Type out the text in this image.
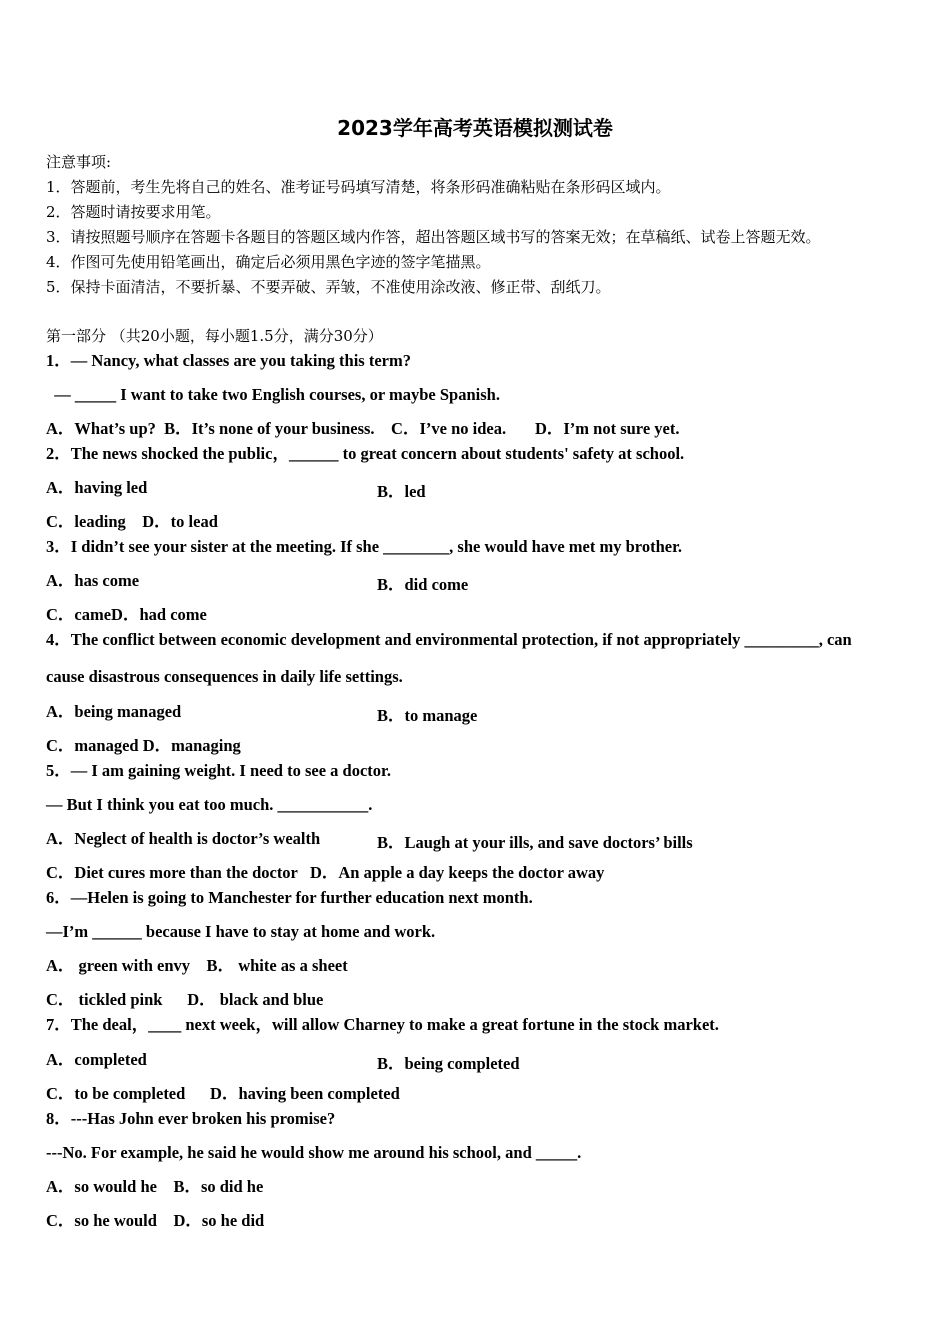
2023学年高考英语模拟测试卷
注意事项:
1．答题前，考生先将自己的姓名、准考证号码填写清楚，将条形码准确粘贴在条形码区域内。
2．答题时请按要求用笔。
3．请按照题号顺序在答题卡各题目的答题区域内作答，超出答题区域书写的答案无效；在草稿纸、试卷上答题无效。
4．作图可先使用铅笔画出，确定后必须用黑色字迹的签字笔描黑。
5．保持卡面清洁，不要折暴、不要弄破、弄皱，不准使用涂改液、修正带、刮纸刀。
第一部分 （共20小题，每小题1.5分，满分30分）
1．— Nancy, what classes are you taking this term?
— _____ I want to take two English courses, or maybe Spanish.
A．What’s up?  B．It’s none of your business.    C．I’ve no idea.       D．I’m not sure yet.
2．The news shocked the public，______ to great concern about students' safety at school.
A．having led	B．led
C．leading    D．to lead
3．I didn’t see your sister at the meeting. If she ________, she would have met my brother.
A．has come	B．did come
C．cameD．had come
4．The conflict between economic development and environmental protection, if not appropriately _________, can
cause disastrous consequences in daily life settings.
A．being managed	B．to manage
C．managed D．managing
5．— I am gaining weight. I need to see a doctor.
— But I think you eat too much. ___________.
A．Neglect of health is doctor’s wealth	B．Laugh at your ills, and save doctors’ bills
C．Diet cures more than the doctor   D．An apple a day keeps the doctor away
6．—Helen is going to Manchester for further education next month.
—I’m ______ because I have to stay at home and work.
A． green with envy    B． white as a sheet
C． tickled pink      D． black and blue
7．The deal，____ next week，will allow Charney to make a great fortune in the stock market.
A．completed	B．being completed
C．to be completed      D．having been completed
8．---Has John ever broken his promise?
---No. For example, he said he would show me around his school, and _____.
A．so would he    B．so did he
C．so he would    D．so he did
